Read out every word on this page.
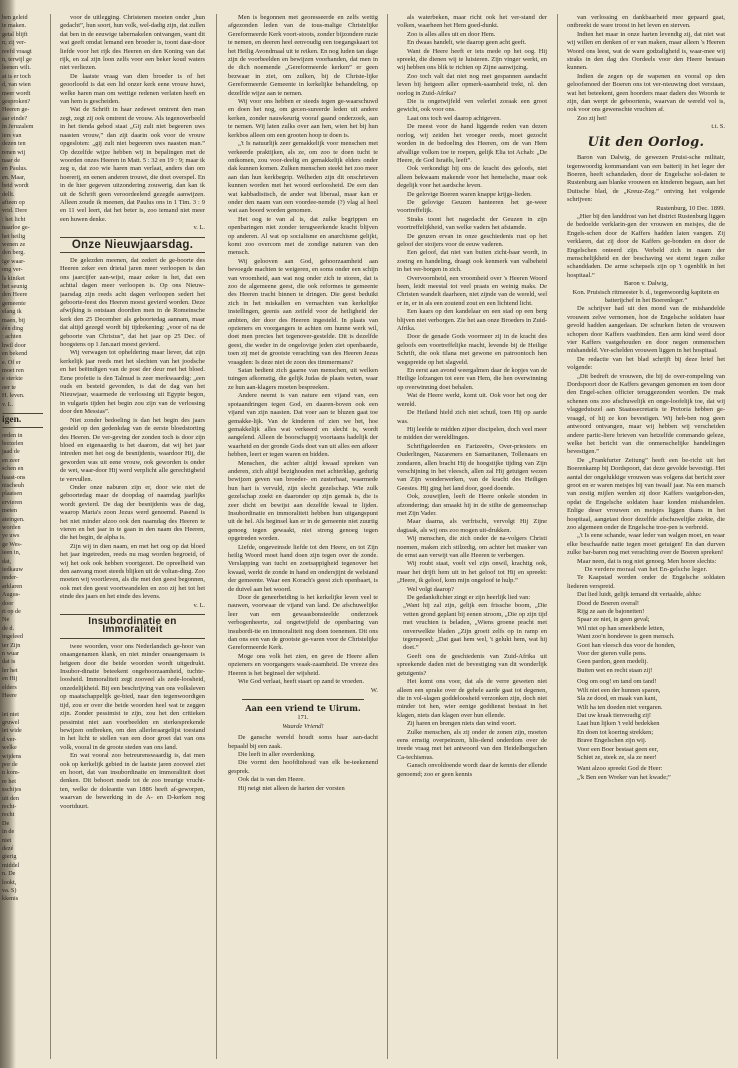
ben geleid
te maken.
getal blijft
n; zij ver-
reefd vraagt
n, terwijl ge
leenen wilt.
at is er toch
d, van wien
meer wordt
gesproken?
Heeren ge-
aar einde?
in Jeruzalem
iers van
dezen ten
renen wij
naar de
en Paulus.
en. Maar,
beid wordt
dellt.
afteen op
vrid. Dere
: het licht
naarloe ge-
het heilig
wenen ze
den berg.
ige waar-
ong ver-
ls kiniket
het seunig
den Heere
gemeente
elang ik
maen, bij
één ding
: achten
hwil door
en bekend
e. Of er
moet ren
e sterkte
oer te
H. leven.
v. L.
igen.
orden in
borzelen
jaad de
en zeer
schen en
haast-ons
nischeuh
plaatsen
ervieren
meten
ateingen.
worden
ye uws
ge Wes-
ieen in,
dat,
iedkauw
onder-
arklaren
Augus-
door
ri op de
Ne
de d.
ingeleed
ier Zijn
n wuar
dat is
ler het
en Hij
elders
Heere
iet niet
gruwel
iet wide
d ver-
welke
wijdens
por de
n kom-
re het
sschijes
uit den
recht-
recht
De
in de
niet
dezé
gierig
middel
n. De
lookt,
va. S)
kkenis

voor de uitlegging. Christenen moeten onder „hun gedacht”, hun soort, hun volk, wel-dadig zijn, dat zullen dat ben in de eeuwige tabernakelen ontvangen, want dit wat geeft omdat lemand een broeder is, toont daar-door liefde voor het rijk des Heeren en den Koning van dat rijk, en zal zijn loon zelfs voor een beker koud waters niet verliezen.

De laatste vraag van dien broeder is of het geoorloofd is dat een lid onzer kerk eene vrouw huwt, welke haren man om wettige redenen verlaten heeft en van hem is gescheiden.

Wat de Schrift in haar zedewet omtrent den man zegt, zegt zij ook omtrent de vrouw. Als tegenoverbeeld in het tienda gebod staat „Gij zult niet begeeren uws naasten vrouw,” dan zijt daarin ook voor de vrouw opgesloten: „gij zult niet begeeren uws naasten man.” Op dezelfde wijze hebben wij in bepalingen met de woorden onzes Heeren in Matt. 5 : 32 en 19 : 9; maar ik zeg u, dat zoo wie haren man verlaat, anders dan om hoererij, en eenen anderen trouwt, die doet overspel. En in de hier gegeven uitzondering zouwerig, dan kan ik uit de Schrift geen veroordeelend gezegde aanwijzen. Alleen zoude ik meenen, dat Paulus ons in 1 Tim. 3 : 9 en 11 wel leert, dat het beter is, zoo iemand niet meer een huwen denke.

v. L.

Onze Nieuwjaarsdag.

De gelezden meenen, dat zedert de ge-boorte des Heeren zeker een drietal jaren meer verloopen is dan ons jaarcijfer aan-wijst, maar zeker is het, dat een achttal dagen meer verloopen is. Op ons Nieuw-jaarsdag zijn reeds acht dagen verloopen sedert het geboorte-feest des Heeren moest gevierd worden. Deze afwijking is ontstaan doordien men in de Romeinsche kerk den 25 December als geboortedag aannam, maar dat altijd gezegd wordt bij tijdrekening: „voor of na de geboorte van Christus”, dat het jaar op 25 Dec. of hoogstens op 1 Jan.uari moest gevierd.

Wij verwagen tot opheldering maar liever, dat zijn kerkelijk jaar reeds met het slechten van het joodsche en het beëindigen van de post der deur met het bloed. Eene profetie is den Talmud is zeer merkwaardig: „een ouds en besteid gevonden, is dat de dag van het Nieuwjaar, waarmede de verlossing uit Egypte begon, in vulgaris tijden het begin zou zijn van de verlossing door den Messias”.

Niet zonder bedoeling is dan het begin des jaars gesteld op den gedenkdag van de eerste bloedstorting des Heeren. De ver-geving der zonden toch is door zijn bloed en eigenaardig is het daarom, dat wij het jaar intreden met het oog de besnijdenis, waardoor Hij, die geworden was uit eene vrouw, ook geworden is onder de wet, waar-door Hij werd verplicht alle gerechtigheid te vervullen.

Onder onze naburen zijn er, door wie niet de geboortedag maar de doopdag of naamdag jaarlijks wordt gevierd. De dag der besnijdenis was de dag, waarop Maria's zoon Jezus werd genoemd. Pasend is het niet minder alzoo ook den naamdag des Heeren te vieren en het jaar in te gaan in den naam des Heeren, die het begin, de alpha is.

Zijn wij in dien naam, en met het oog op dat bloed het jaar ingetreden, reeds nu mag worden begroeid, of wij het ook ook hebben voortgezet. De opreelheid van den aanvang moet steeds blijken uit de voltan-ding. Zoo moeten wij voortleven, als die met den geest begonnen, ook met den geest voortwandelen en zoo zij het tot het einde des jaars en het einde des levens.

v. L.

Insubordinatie en Immoraliteit

twee woorden, voor ons Nederlandsch ge-hoor van onaangenamen klank, en niet minder onaangenaam is hetgeen door die beide woorden wordt uitgedrukt. Insubor-dinatie beteekent ongehoorzaamheid, tuchte-loosheid. Immoraliteit zegt zooveel als zede-loosheid, onzedelijkheid. Bij een beschrijving van ons volksleven op maatschappelijk ge-bied, naar den tegenwoordigen tijd, zou er over die beide woorden heel wat te zeggen zijn. Zonder pessimist te zijn, zou het den critieken pessimist niet aan voorbeelden en sterkesprekende bewijzen ontbreken, om den allerleraargelijst toestand in het licht te stellen van een door groei dat van ons volk, vooral in de groote steden van ons land.

En wat vooral zoo betreurenswaardig is, dat men ook op kerkelijk gebied in de laatste jaren zooveel ziet en hoort, dat van insubordinatie en immoraliteit doet denken. Dit behoort mede tot de zoo treurige vrucht-ten, welke de doleantie van 1886 heeft af-geworpen, waarvan de bewerking in de A- en D-kerken nog voortduurt.

Men is begonnen met georesseerde en zelfs wettig afgezonden leden van de tous-malige Christelijke Gereformeerde Kerk voort-stoots, zonder bijzondere ruzie te nemen, en deeren heel eenvoudig een toegangskaart tot het Heilig Avondmaal uit te reiken. En nog luden tan dage zijn de voorbeelden en bewijzen voorhanden, dat men in de dich noemende „Gereformeerde kerken” er geen bezwaar in ziet, om zulken, bij de Christe-lijke Gereformeerde Gemeente in kerkelijke behandeling, op dezelfde wijze aan te nemen.

Wij voor ons hebben er steeds tegen ge-waarschuwd en doen het nog, om gecen-sureerde leden uit andere kerken, zonder nauwkeurig vooraf gaand onderzoek, aan te nemen. Wij laten zulks over aan hen, wien het bij hun kerkbos alleen om een grooten hoop te doen is.

„'t Is natuurlijk zeer gemakkelijk voor menschen met verkeerde praktijken, als ze, om zoo te doen tucht te ontkomen, zou voor-deelig en gemakkelijk elders onder dak kunnen komen. Zulken menschen steekt het zoo meer aan dan hun kerkbegrip. Welheden zijn dit onschrieven kunnen worden met het woord eerloosheid. De een dan wat kabbadistisch, de ander wat liberaal, maar kan er onder den naam van een voordee-nemde (?) vlag al heel wat aan boord worden genomen.

Het oog te van al is, dat zulke begrippen en openbaringen niet zonder terugwerkende kracht blijven op anderen. Al wat op socialisme en anarchisme gelijkt, komt zoo overcom met de zondige naturen van den mensch.

Wij gelooven aan God, gehoorzaamheid aan bevoegde machten te weigeren, en soms onder een schijn van vroomheid, aan wat nog onder zich te storen, dat is zoo de algemeene geest, die ook reformes te gemeente des Heeren tracht binnen te dringen. Die geest beduikt zich in het miskallen en vernachten van kerkelijke instellingen, geenis aan zeifeld voor de heiligheid der ambten, der door des Heeren ingesteld. In plaats van opzieners en voorgangers te achten om hunne werk wil, doet men precies het tegenover-gestelde. Dit is dezelfde geest, die weder in de ongelovige jeden ziet openbaarde, toen zij met de grootste verachting van des Heeren Jezus vraagden: Is deze niet de zoon des timmermans?

Satan bedient zich gaarne van menschen, uit welken tuingen afkomstig, die gelijk Judas de plaats weten, waar ze hun aan-klagers moeten bespreeken.

Andere neemt is van nature een vijand van, een spotaandringen tegen God, en daaren-boven ook een vijand van zijn naasten. Dat voer aan te bluzen gaat toe gemakke-lijk. Van de kinderen of zien we het, hoe gemakkelijk alles wat verkeerd en slecht is, wordt aangelend. Alleen de boorschappij voortaans hadelijk der waarheid en der gronde Gods doet van uit alles een afkeer hebben, leert er tegen waren en bidden.

Menschen, die achter altijd kwaad spreken van anderen, zich altijd bezighouden met achterklap, gedurig bewijzen geven van broeder- en zusterhaat, waarmede hun hart is vervuld, zijn slecht gezelschap. Wie zulk gezelschap zoekt en daaronder op zijn gemak is, die is zeer dicht en bewijst aan dezelfde kwaal te lijden. Insubordinatie en immoraliteit hebben hun uitgangspunt uit de hel. Als beginsel kan er in de gemeente niet zuurtig genoeg tegen gewaakt, niet streng genoeg tegen opgetreden worden.

Liefde, ongeveinsde liefde tot den Heere, en tot Zijn heilig Woord moet hand doen zijn tegen over de zonde. Verslapping van tucht en zoetsappigheid tegenover het kwaad, werkt de zonde in hand en ondersjijnt de welstand der gemeente. Waar een Korach's geest zich openbaart, is de duivel aan het woord.

Door de geneerbeiding is het kerkelijke leven veel te nauwen, voorwaar de vijand van land. De afschuwelijke leer van een gewaasbonsteelde onderzoek verbogenheerte, zal ongetwijfeld de openbaring van insubordi-tie en immoraliteit nog doen toenemen. Dit ons dan ons een van de grootste ge-varen voor de Christelijke Gereformeerde Kerk.

Moge ons volk het zien, en geve de Heere allen opzieners en voorgangers waak-zaamheid. De vreeze des Heeren is het beginsel der wijsheid.

Wie God verlaat, heeft staart op zand te vroeden.

W.

Aan een vriend te Uirum.

171.

Waarde Vriend!

De gansche wereld houdt soms haar aan-dacht bepaald bij een zaak.

Die leeft in aller overdenking.

Die vormt den hoofdinhoud van elk be-teekenend gesprek.

Ook dat is van den Heere.

Hij neigt niet alleen de harten der vorsten

als waterbeken, maar richt ook het ver-stand der volken, waarheen het Hem goed-dunkt.

Zoo is alles alles uit en door Hem.

En dwaas handelt, wie daarop geen acht geeft.

Want de Heere heeft er iets mede op het oog. Hij spreekt, die dienen wij te luisteren. Zijn vinger werkt, en wij hebben ons blik te richten op Zijne aanwijzing.

Zoo toch valt dat niet nog met gespannen aandacht leven bij hetgeen aller opmerk-saamheid trekt, nl. den oorlog in Zuid-Afrika?

Die is ongetwijfeld ven velerlei zoraak een groot gewicht, ook voor ons.

Laat ons toch wel daarop achtgeven.

De meest voor de hand liggende reden van dezen oorlog, wij zeiden het vroeger reeds, moet gezocht worden in de bedoeling des Heeren, om de van Hem afvallige volken toe te roepen, gelijk Elia tot Achab: „De Heere, de God Israëls, leeft”.

Ook verkondigt hij ons de kracht des geloofs, niet alleen bekwaam makende voor het hemelsche, maar ook degelijk voor het aardsche leven.

De gelovige Boeren waren knappe krijgs-lieden.

De gelovige Geuzen hanteeren het ge-weer voortreffelijk.

Straks toont het nagedacht der Geuzen in zijn voortreffelijkheid, van welke vaders het afstamde.

De geuzen ervan in onze geschiedenis rust op het geloof der stoijers voor de eeuw vaderen.

Een geloof, dat niet van buiten zicht-baar wordt, in zoeing en handeling, draagt ook kenmerk van valbeheid in het ver-borgen in zich.

Overvoornheid, een vroomheid over 's Heeren Woord heen, leidt meestal tot veel praats en weinig maks. De Christen wandelt daarheen, niet zijnde van de wereld, wel er in, er in als een zoutend zout en een lichtend licht.

Een kaars op den kandelaar en een stad op een berg blijven niet verborgen. Zie het aan onze Broeders in Zuid-Afrika.

Door de genade Gods voormeer zij in de kracht des geloofs een voortreffelijke macht, levende bij de Heilige Schrift, die ook tilana met gewone en patroontoch hen wegspreide op het slagveld.

En eerst aan avond weergalmen daar de kopjes van de Heilige lofzangen tot eere van Hem, die hen overwinning op overwinning doet behalen.

Wat de Heere werkt, komt uit. Ook voor het oog der wereld.

De Heiland hield zich niet schuil, toen Hij op aarde was.

Hij leefde te midden zijner discipelen, doch veel meer te midden der wereldlingen.

Schriftgeleerden en Farizeeërs, Over-priesters en Ouderlingen, Nazareners en Samaritanen, Tollenaars en zondaren, allen bracht Hij de hoogstijke tijding van Zijn verschijning in het vleesch, allen zal Hij getuigen wezen van Zijn wonderwerken, van de kracht des Heiligen Geestes. Hij ging het land door, goed doende.

Ook, zouwijlen, leeft de Heere onkele stonden in afzondering; dan smaakt hij in de stilte de gemeenschap met Zijn Vader.

Maar daarna, als verfrischt, vervolgt Hij Zijne dagtaak, als wij ons zoo mogen uit-drukken.

Wij menschen, die zich onder de na-volgers Christi noemen, maken zich stilzedig, om achter het masker van de ernst aan verwijt van alle Heeren te verbergen.

Wij roubt staat, voelt vel zijn onwil, krachtig ook, maar het drijft hem uit in het geloof tot Hij en spreekt: „Heere, ik geloof, kom mijn ongeloof te hulp.”

Wel volgt daarop?

De gedankdichter zingt er zijn heerlijk lied van:

„Want hij zal zijn, gelijk een frissche boom, „Die vetten grond geplant bij eenen stroom, „Die op zijn tijd met vruchten is beladen, „Wiens groene pracht met onverwelkte bladen „Zijn groeit zelfs op in ramp en tegenspoed; „Dat gaat hem wel, 't gelukt hem, wat hij doet.”

Geeft ons de geschiedenis van Zuid-Afrika uit spreekende daden niet de bevestiging van dit wonderlijk getuigenis?

Het komt ons voor, dat als de verre geweten niet alleen een sprake over de gehele aarde gaat tot degenen, die in vol-slagen goddeloosheid verzonken zijn, doch niet minder tot hen, wier eenige goddienst bestaat in het klagen, niets dan klagen over hun ellende.

Zij haren en brengen niets dan wind voort.

Zulke menschen, als zij onder de zonen zijn, moeten eens ernstig overpeinzen, hlis-dend onderdom over de treede vraag met het antwoord van den Heidelbergschen Ca-techismus.

Gansch onvoldoende wordt daar de kennis der ellende genoemd; zoo er geen kennis

van verlossing en dankbaarheid mee gepaard gaat, ontbreekt de ware troost in het leven en sterven.

Indien het maar in onze harten levendig zij, dat niet wat wij willen en denken of er van maken, maar alleen 's Heeren Woord ons leest, wat de ware godzaligheid is, waar-mee wij straks in den dag des Oordeels voor den Heere bestaan kunnen.

Indien de zegen op de wapenen en vooral op den geloofsmoed der Boeren ons tot ver-nieuwing doet verstaan, wat het beteekent, geen hoorders maar daders des Woords te zijn, dan werpt de geboortenis, waarvan de wereld vol is, ook voor ons gewenschte vruchten af.

Zoo zij het!

t.t. S.

Uit den Oorlog.

Baron van Dalwig, de gewezen Pruisi-sche militair, tegenwoordig kommandant van een batterij in het leger der Boeren, heeft schandaden, door de Engelsche sol-daten te Rustenburg aan blanke vrouwen en kinderen begaan, aan het Duitsche blad, de „Kreuz-Zeg.” ontving het volgende schrijven:

Rustenburg, 10 Dec. 1899.

„Hier bij den landdrost van het district Rustenburg liggen de bedoelde verklarin-gen der vrouwen en meisjes, die de Engels-schen door de Kaffers hadden laten vangen. Zij verklaren, dat zij door de Kaffers ge-bonden en door de Engelschen onteerd zijn. Verbeld zich in naam der menschelijkheid en der beschaving we stemt tegen zulke schanddaden. De arme schepsels zijn op 't ogenblik in het hospitaal.”

Baron v. Dalwig,

Kon. Pruisisch ritmeester b. d., tegenwoordig kapitein en batterijchef in het Boerenleger.”

De schrijver had uit den mond van de mishandelde vrouwen zelve vernomen, hoe de Engelsche soldaten haar gevold hadden aangedaan. De schurken lieten de vrouwen schopen door Kaffers vastbinden. Een arm kind werd door vier Kaffers vastgehouden en door negen onmenschen mishandeld. Ver-schelden vrouwen liggen in het hospitaal.

De redactie van het blad schrijft bij deze brief het volgende:

„Dit bedreft de vrouwen, die bij de over-rompeling van Dordspoort door de Kaffers gevangen genomen en toen door den Engel-schen officier teruggezonden worden. De mak schenen ons zoo afschuwelijk en onge-loofelijk toe, dat wij vlaggeduiszel aan Staatssecretaris te Pretoria hebben ge-vraagd, of hij ze kon bevestigen. Wij heb-ben nog geen antwoord ontvangen, maar wij hebben wij verscheiden andere partic-liere brieven van hetzelfde commando geleze, welke het bericht van die onmenschelijke handelingen bevestigen.”

De „Frankfurter Zeitung” heeft een be-richt uit het Boerenkamp bij Dordspoort, dat deze gevolde bevestigt. Het aantal der ongelukkige vrouwen was volgens dat bericht zeer groot en er waren meisjes bij van twaalf jaar. Na een marsch van zestig mijlen werden zij door Kaffers vastgebon-den, opdat de Engelsche soldaten haar konden mishandelen. Enlige deser vrouwen en meisjes liggen thans in het hospitaal, aangetast door dezelfde afschuwelijke ziekte, die zoo algemeen onder de Engelsche troe-pen is verbreid.

„'t Is eene schande, waar leder van walgen moet, en waar elke beschaafde natie tegen moet getuigen! En dan durven zulke bar-baren nog met verachting over de Boeren spreken!

Maar neen, dat is nog niet genoeg. Men hoore slechts:

De verdere moraal van het En-gelsche leger.

Te Kaapstad worden onder de Engelsche soldaten liederen verspreid.

Dat lied luidt, gelijk iemand dit vertaalde, aldus:

Dood de Boeren overal!

Rijg ze aan de bajonetten!

Spaar ze niet, in geen geval;

Wil niet op han smeekbede letten,

Want zoo'n hondevee is geen mensch.

Gooi han vleesch dus voor de honden,

Voor der gieren vulle pens.

Geen pardon, geen medelij.

Buiten wet en recht staan zij!

Oog om oog! en tand om tand!

Wilt niet een der hunnen sparen,

Sla ze dood, en maak van kant,

Wilt ha ten doeden niet vergaren.

Dat uw kraak tienvoudig zij!

Laat hun lijken 't veld bedekken

En doen tot koering strekken;

Brave Engelschen zijn wij.

Voor een Boer bestaat geen eer,

Schiet ze, steek ze, sla ze neer!

Want alzoo spreekt God de Heer:

„'k Ben een Wreker van het kwade;”
